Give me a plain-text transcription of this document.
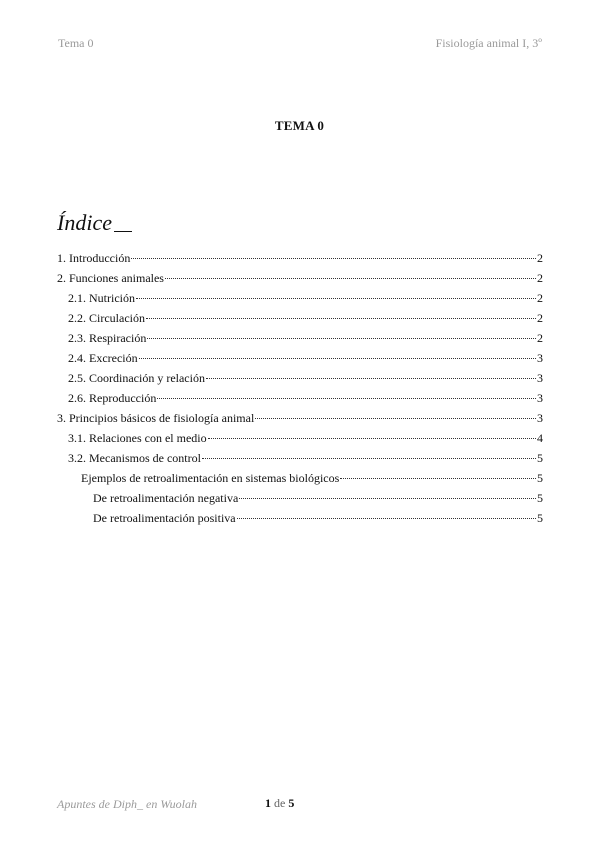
Tema 0	Fisiología animal I, 3º
TEMA 0
Índice
1. Introducción	2
2. Funciones animales	2
2.1. Nutrición	2
2.2. Circulación	2
2.3. Respiración	2
2.4. Excreción	3
2.5. Coordinación y relación	3
2.6. Reproducción	3
3. Principios básicos de fisiología animal	3
3.1. Relaciones con el medio	4
3.2. Mecanismos de control	5
Ejemplos de retroalimentación en sistemas biológicos	5
De retroalimentación negativa	5
De retroalimentación positiva	5
Apuntes de Diph_ en Wuolah	1 de 5
